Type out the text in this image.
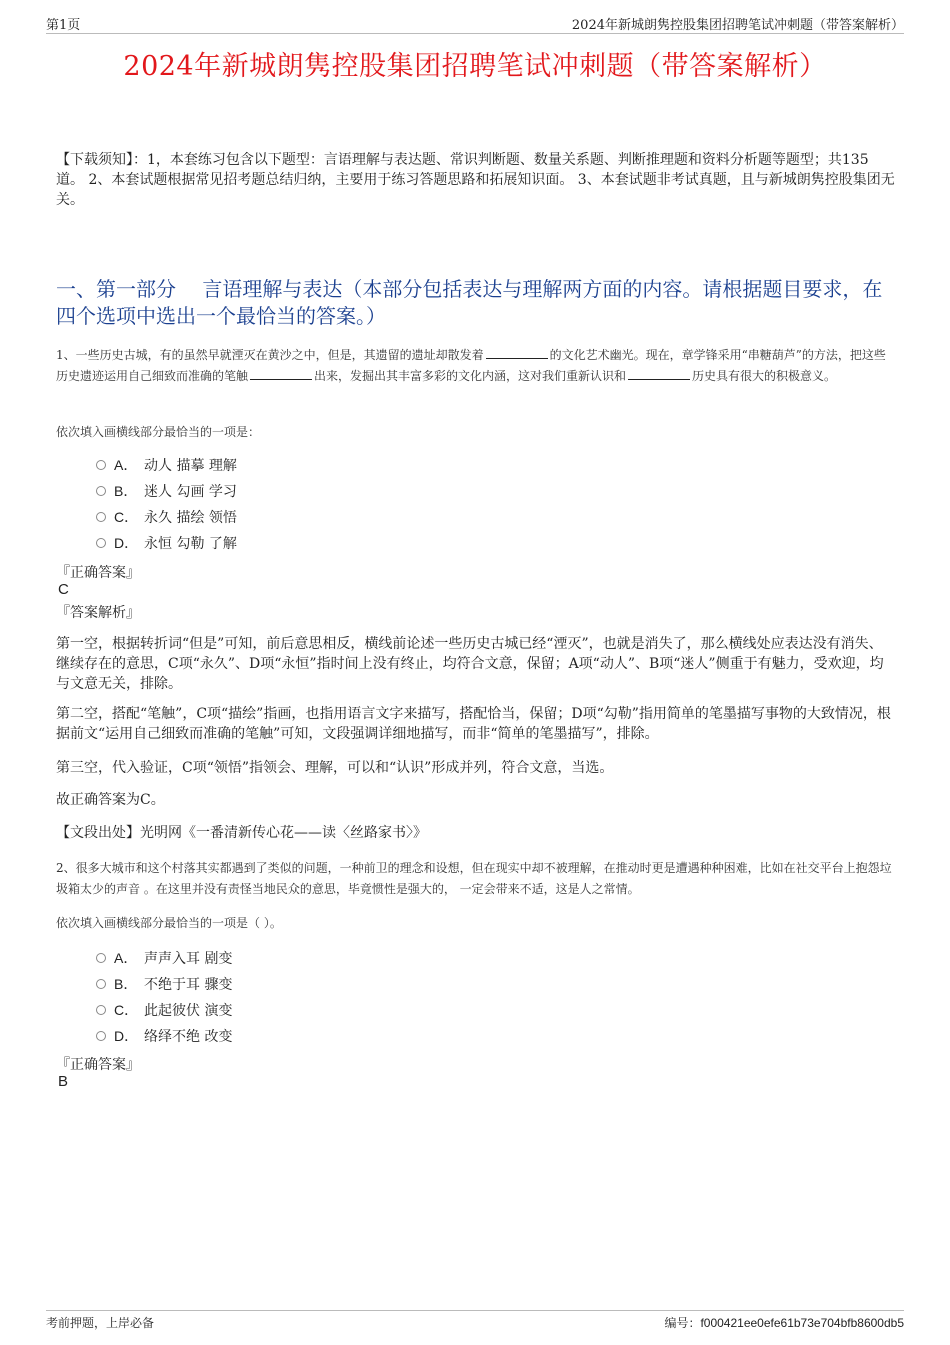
第1页	2024年新城朗隽控股集团招聘笔试冲刺题（带答案解析）
2024年新城朗隽控股集团招聘笔试冲刺题（带答案解析）
【下载须知】：1，本套练习包含以下题型：言语理解与表达题、常识判断题、数量关系题、判断推理题和资料分析题等题型；共135道。 2、本套试题根据常见招考题总结归纳，主要用于练习答题思路和拓展知识面。 3、本套试题非考试真题，且与新城朗隽控股集团无关。
一、第一部分　 言语理解与表达（本部分包括表达与理解两方面的内容。请根据题目要求，在四个选项中选出一个最恰当的答案。）
1、一些历史古城，有的虽然早就湮灭在黄沙之中，但是，其遗留的遗址却散发着	的文化艺术幽光。现在，章学锋采用“串糖葫芦”的方法，把这些历史遗迹运用自己细致而准确的笔触	出来，发掘出其丰富多彩的文化内涵，这对我们重新认识和	历史具有很大的积极意义。
依次填入画横线部分最恰当的一项是：
A． 动人 描摹 理解
B． 迷人 勾画 学习
C． 永久 描绘 领悟
D． 永恒 勾勒 了解
『正确答案』
C
『答案解析』
第一空，根据转折词“但是”可知，前后意思相反，横线前论述一些历史古城已经“湮灭”，也就是消失了，那么横线处应表达没有消失、继续存在的意思，C项“永久”、D项“永恒”指时间上没有终止，均符合文意，保留；A项“动人”、B项“迷人”侧重于有魅力，受欢迎，均与文意无关，排除。
第二空，搭配“笔触”，C项“描绘”指画，也指用语言文字来描写，搭配恰当，保留；D项“勾勒”指用简单的笔墨描写事物的大致情况，根据前文“运用自己细致而准确的笔触”可知，文段强调详细地描写，而非“简单的笔墨描写”，排除。
第三空，代入验证，C项“领悟”指领会、理解，可以和“认识”形成并列，符合文意，当选。
故正确答案为C。
【文段出处】光明网《一番清新传心花——读〈丝路家书〉》
2、很多大城市和这个村落其实都遇到了类似的问题，一种前卫的理念和设想，但在现实中却不被理解，在推动时更是遭遇种种困难，比如在社交平台上抱怨垃圾箱太少的声音 。在这里并没有责怪当地民众的意思，毕竟惯性是强大的， 一定会带来不适，这是人之常情。
依次填入画横线部分最恰当的一项是（ ）。
A． 声声入耳 剧变
B． 不绝于耳 骤变
C． 此起彼伏 演变
D． 络绎不绝 改变
『正确答案』
B
考前押题，上岸必备	编号：f000421ee0efe61b73e704bfb8600db5
